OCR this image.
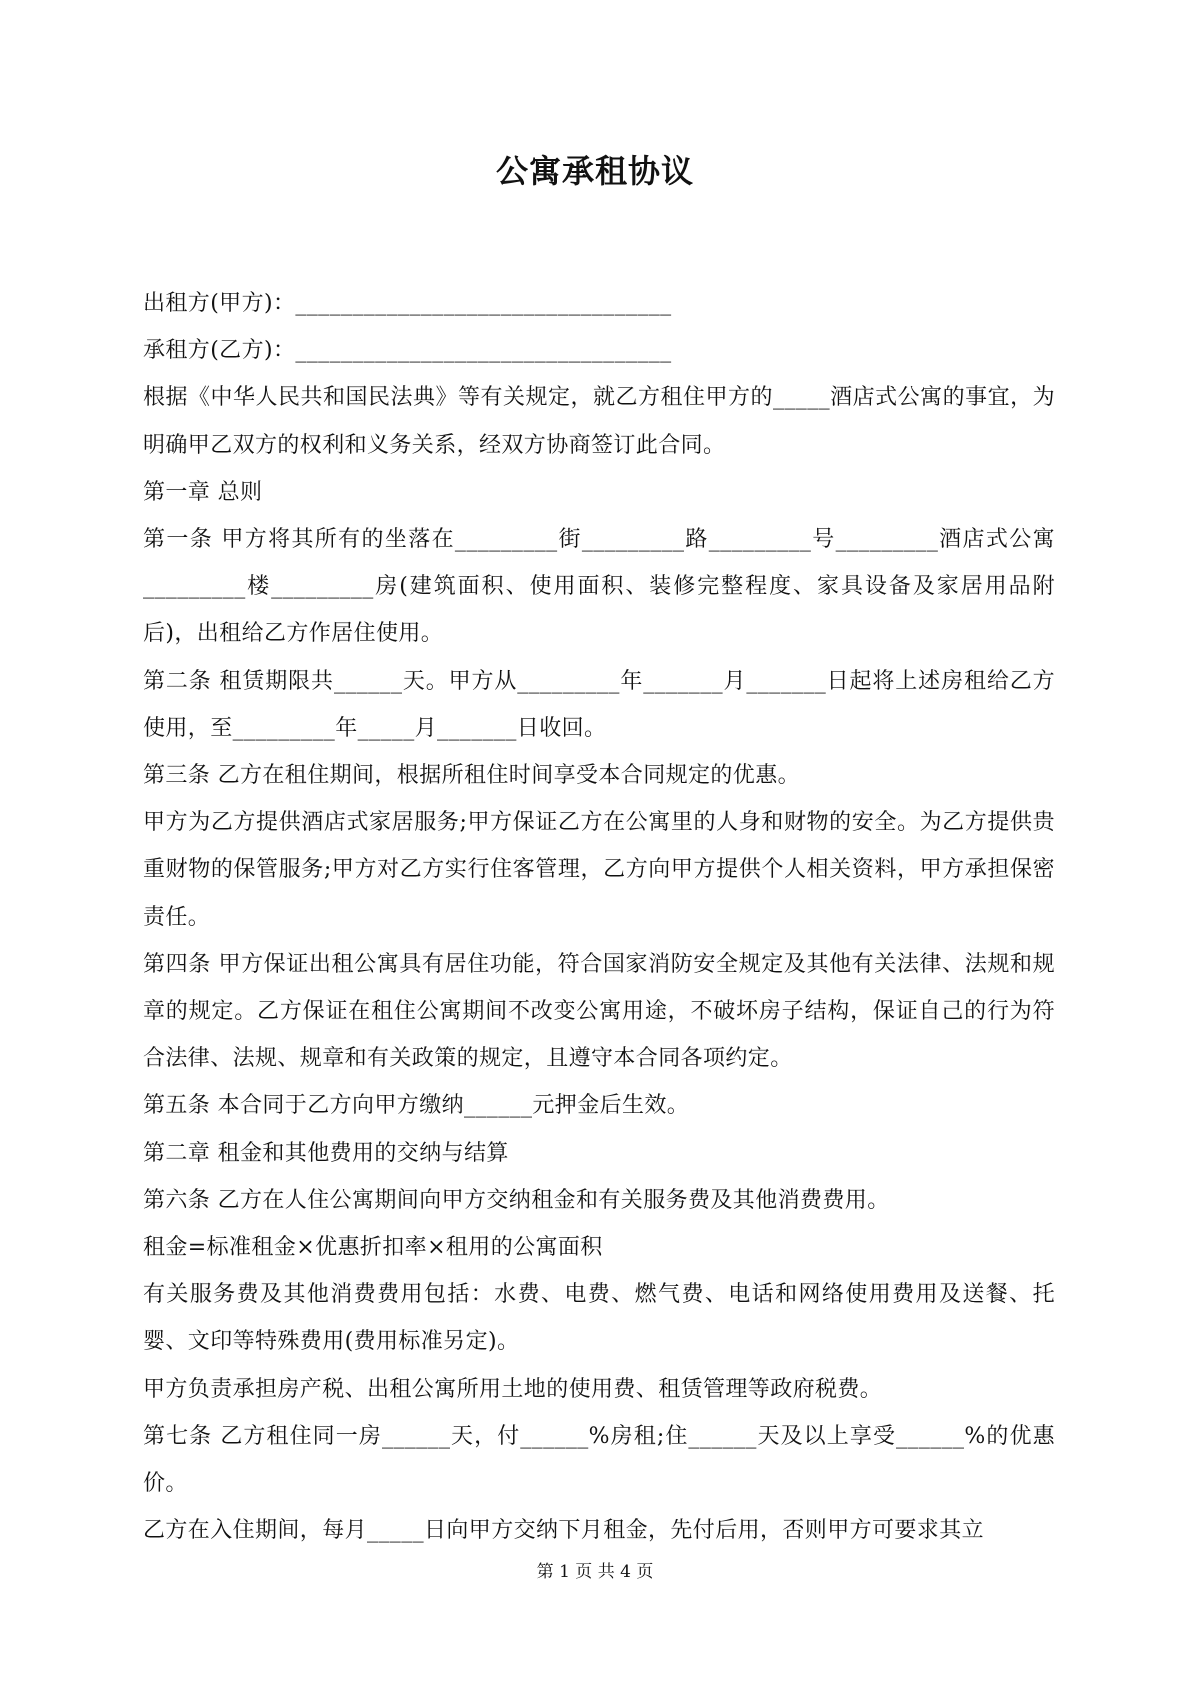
公寓承租协议

出租方(甲方)：_________________________________

承租方(乙方)：_________________________________

根据《中华人民共和国民法典》等有关规定，就乙方租住甲方的_____酒店式公寓的事宜，为明确甲乙双方的权利和义务关系，经双方协商签订此合同。

第一章 总则

第一条 甲方将其所有的坐落在_________街_________路_________号_________酒店式公寓_________楼_________房(建筑面积、使用面积、装修完整程度、家具设备及家居用品附后)，出租给乙方作居住使用。

第二条 租赁期限共______天。甲方从_________年_______月_______日起将上述房租给乙方使用，至_________年_____月_______日收回。

第三条 乙方在租住期间，根据所租住时间享受本合同规定的优惠。

甲方为乙方提供酒店式家居服务;甲方保证乙方在公寓里的人身和财物的安全。为乙方提供贵重财物的保管服务;甲方对乙方实行住客管理，乙方向甲方提供个人相关资料，甲方承担保密责任。

第四条 甲方保证出租公寓具有居住功能，符合国家消防安全规定及其他有关法律、法规和规章的规定。乙方保证在租住公寓期间不改变公寓用途，不破坏房子结构，保证自己的行为符合法律、法规、规章和有关政策的规定，且遵守本合同各项约定。

第五条 本合同于乙方向甲方缴纳______元押金后生效。

第二章 租金和其他费用的交纳与结算

第六条 乙方在人住公寓期间向甲方交纳租金和有关服务费及其他消费费用。

租金=标准租金×优惠折扣率×租用的公寓面积

有关服务费及其他消费费用包括：水费、电费、燃气费、电话和网络使用费用及送餐、托婴、文印等特殊费用(费用标准另定)。

甲方负责承担房产税、出租公寓所用土地的使用费、租赁管理等政府税费。

第七条 乙方租住同一房______天，付______%房租;住______天及以上享受______%的优惠价。

乙方在入住期间，每月_____日向甲方交纳下月租金，先付后用，否则甲方可要求其立

第 1 页 共 4 页
